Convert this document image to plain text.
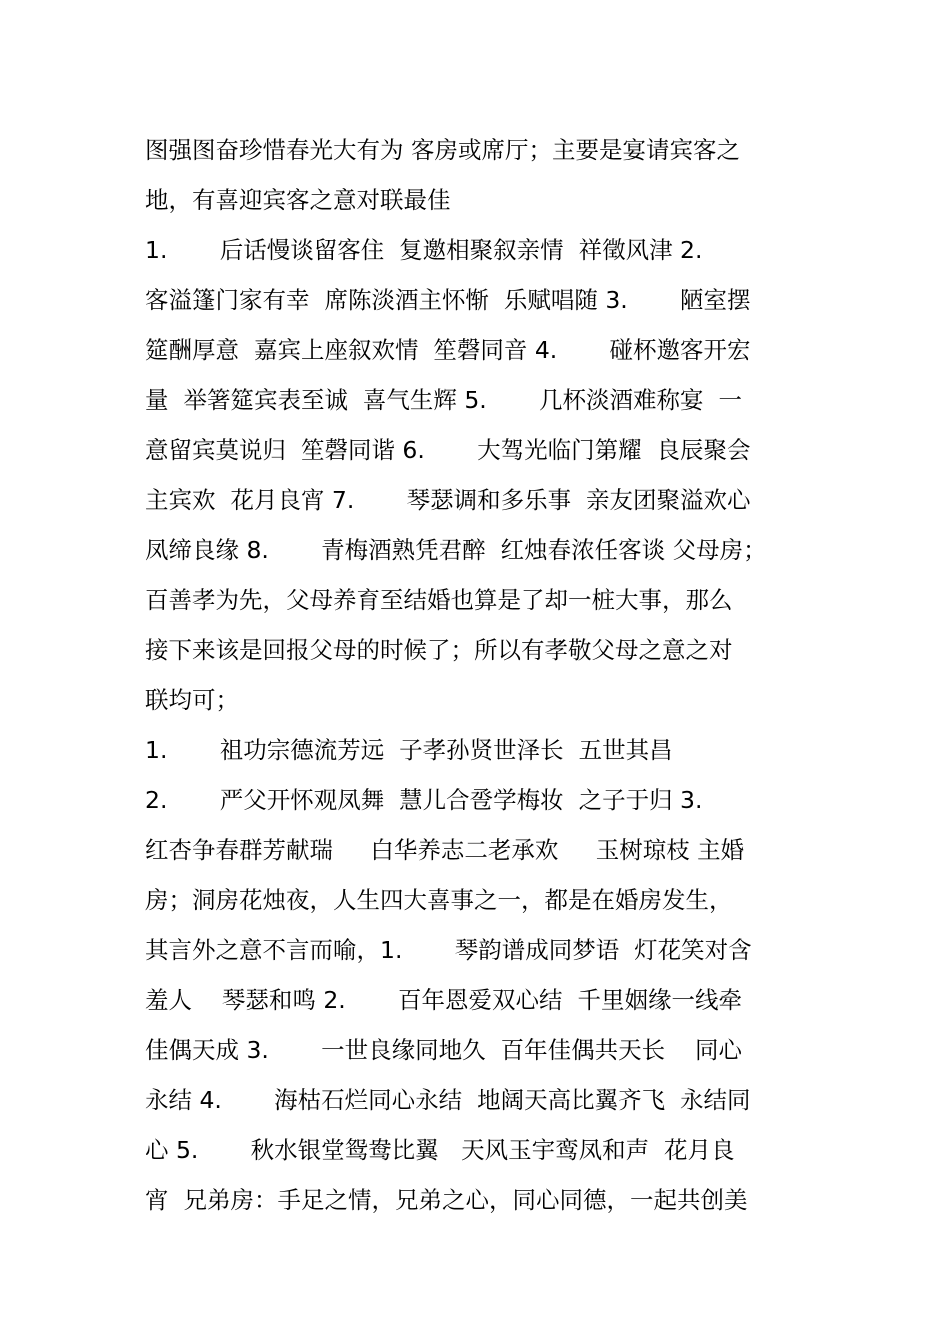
图强图奋珍惜春光大有为 客房或席厅；主要是宴请宾客之
地，有喜迎宾客之意对联最佳
1.       后话慢谈留客住  复邀相聚叙亲情  祥徵风津 2.
客溢篷门家有幸  席陈淡酒主怀惭  乐赋唱随 3.       陋室摆
筵酬厚意  嘉宾上座叙欢情  笙磬同音 4.       碰杯邀客开宏
量  举箸筵宾表至诚  喜气生辉 5.       几杯淡酒难称宴  一
意留宾莫说归  笙磬同谐 6.       大驾光临门第耀  良辰聚会
主宾欢  花月良宵 7.       琴瑟调和多乐事  亲友团聚溢欢心
凤缔良缘 8.       青梅酒熟凭君醉  红烛春浓任客谈 父母房；
百善孝为先，父母养育至结婚也算是了却一桩大事，那么
接下来该是回报父母的时候了；所以有孝敬父母之意之对
联均可；
1.       祖功宗德流芳远  子孝孙贤世泽长  五世其昌
2.       严父开怀观凤舞  慧儿合卺学梅妆  之子于归 3.
红杏争春群芳献瑞     白华养志二老承欢     玉树琼枝 主婚
房；洞房花烛夜，人生四大喜事之一，都是在婚房发生，
其言外之意不言而喻，1.       琴韵谱成同梦语  灯花笑对含
羞人    琴瑟和鸣 2.       百年恩爱双心结  千里姻缘一线牵
佳偶天成 3.       一世良缘同地久  百年佳偶共天长    同心
永结 4.       海枯石烂同心永结  地阔天高比翼齐飞  永结同
心 5.       秋水银堂鸳鸯比翼   天风玉宇鸾凤和声  花月良
宵  兄弟房：手足之情，兄弟之心，同心同德，一起共创美
